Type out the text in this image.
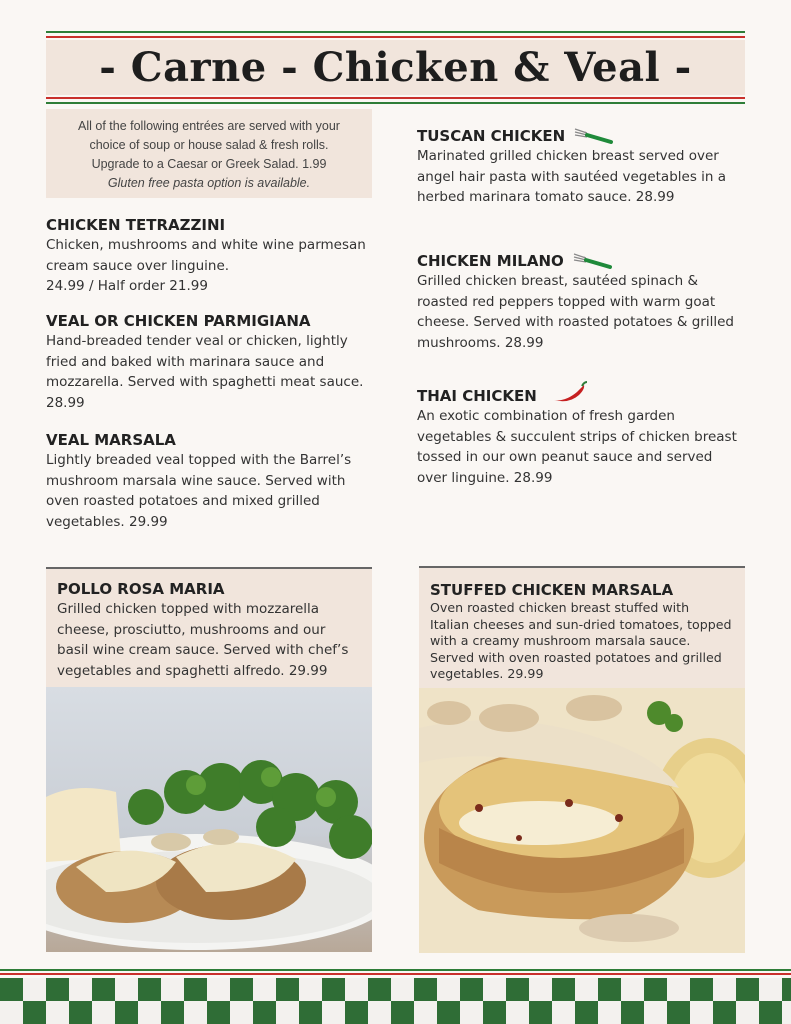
- Carne - Chicken & Veal -
All of the following entrées are served with your
choice of soup or house salad & fresh rolls.
Upgrade to a Caesar or Greek Salad. 1.99
Gluten free pasta option is available.
CHICKEN TETRAZZINI
Chicken, mushrooms and white wine parmesan
cream sauce over linguine.
24.99 / Half order 21.99
VEAL OR CHICKEN PARMIGIANA
Hand-breaded tender veal or chicken, lightly
fried and baked with marinara sauce and
mozzarella. Served with spaghetti meat sauce.
28.99
VEAL MARSALA
Lightly breaded veal topped with the Barrel’s
mushroom marsala wine sauce. Served with
oven roasted potatoes and mixed grilled
vegetables. 29.99
TUSCAN CHICKEN
Marinated grilled chicken breast served over
angel hair pasta with sautéed vegetables in a
herbed marinara tomato sauce. 28.99
CHICKEN MILANO
Grilled chicken breast, sautéed spinach &
roasted red peppers topped with warm goat
cheese. Served with roasted potatoes & grilled
mushrooms. 28.99
THAI CHICKEN
An exotic combination of fresh garden
vegetables & succulent strips of chicken breast
tossed in our own peanut sauce and served
over linguine. 28.99
POLLO ROSA MARIA
Grilled chicken topped with mozzarella
cheese, prosciutto, mushrooms and our
basil wine cream sauce. Served with chef’s
vegetables and spaghetti alfredo. 29.99
STUFFED CHICKEN MARSALA
Oven roasted chicken breast stuffed with
Italian cheeses and sun-dried tomatoes, topped
with a creamy mushroom marsala sauce.
Served with oven roasted potatoes and grilled
vegetables. 29.99
